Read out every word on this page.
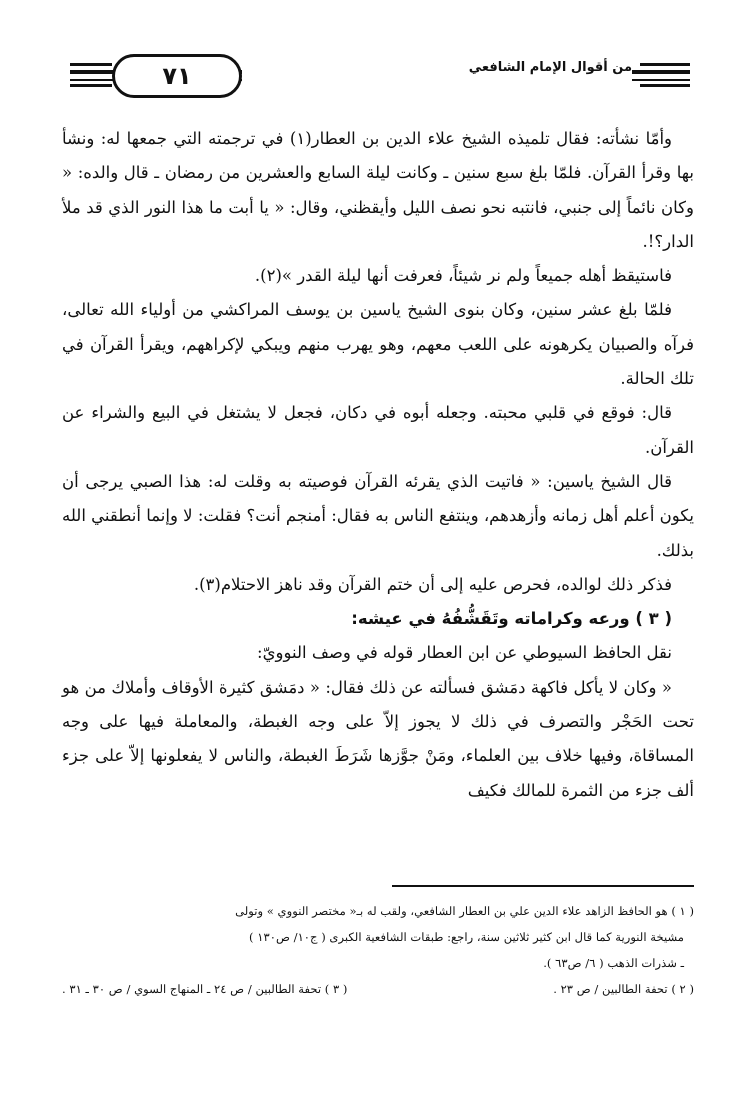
٧١	من أقوال الإمام الشافعي

وأمّا نشأته: فقال تلميذه الشيخ علاء الدين بن العطار(١) في ترجمته التي جمعها له: ونشأ بها وقرأ القرآن. فلمّا بلغ سبع سنين ـ وكانت ليلة السابع والعشرين من رمضان ـ قال والده: « وكان نائماً إلى جنبي، فانتبه نحو نصف الليل وأيقظني، وقال: « يا أبت ما هذا النور الذي قد ملأ الدار؟!.

فاستيقظ أهله جميعاً ولم نر شيئاً، فعرفت أنها ليلة القدر »(٢).

فلمّا بلغ عشر سنين، وكان بنوى الشيخ ياسين بن يوسف المراكشي من أولياء الله تعالى، فرآه والصبيان يكرهونه على اللعب معهم، وهو يهرب منهم ويبكي لإكراههم، ويقرأ القرآن في تلك الحالة.

قال: فوقع في قلبي محبته. وجعله أبوه في دكان، فجعل لا يشتغل في البيع والشراء عن القرآن.

قال الشيخ ياسين: « فاتيت الذي يقرئه القرآن فوصيته به وقلت له: هذا الصبي يرجى أن يكون أعلم أهل زمانه وأزهدهم، وينتفع الناس به فقال: أمنجم أنت؟ فقلت: لا وإنما أنطقني الله بذلك.

فذكر ذلك لوالده، فحرص عليه إلى أن ختم القرآن وقد ناهز الاحتلام(٣).

( ٣ ) ورعه وكراماته وتَقَشُّفُهُ في عيشه:

نقل الحافظ السيوطي عن ابن العطار قوله في وصف النوويّ:

« وكان لا يأكل فاكهة دمَشق فسألته عن ذلك فقال: « دمَشق كثيرة الأوقاف وأملاك من هو تحت الحَجْر والتصرف في ذلك لا يجوز إلاّ على وجه الغبطة، والمعاملة فيها على وجه المساقاة، وفيها خلاف بين العلماء، ومَنْ جوَّزها شَرَطَ الغبطة، والناس لا يفعلونها إلاّ على جزء ألف جزء من الثمرة للمالك فكيف

( ١ ) هو الحافظ الزاهد علاء الدين علي بن العطار الشافعي، ولقب له بـ« مختصر النووي » وتولى

مشيخة النورية كما قال ابن كثير ثلاثين سنة، راجع: طبقات الشافعية الكبرى ( ج١٠/ ص١٣٠ )

ـ شذرات الذهب ( ٦/ ص٦٣ ).

( ٢ ) تحفة الطالبين / ص ٢٣ .
( ٣ ) تحفة الطالبين / ص ٢٤ ـ المنهاج السوي / ص ٣٠ ـ ٣١ .
